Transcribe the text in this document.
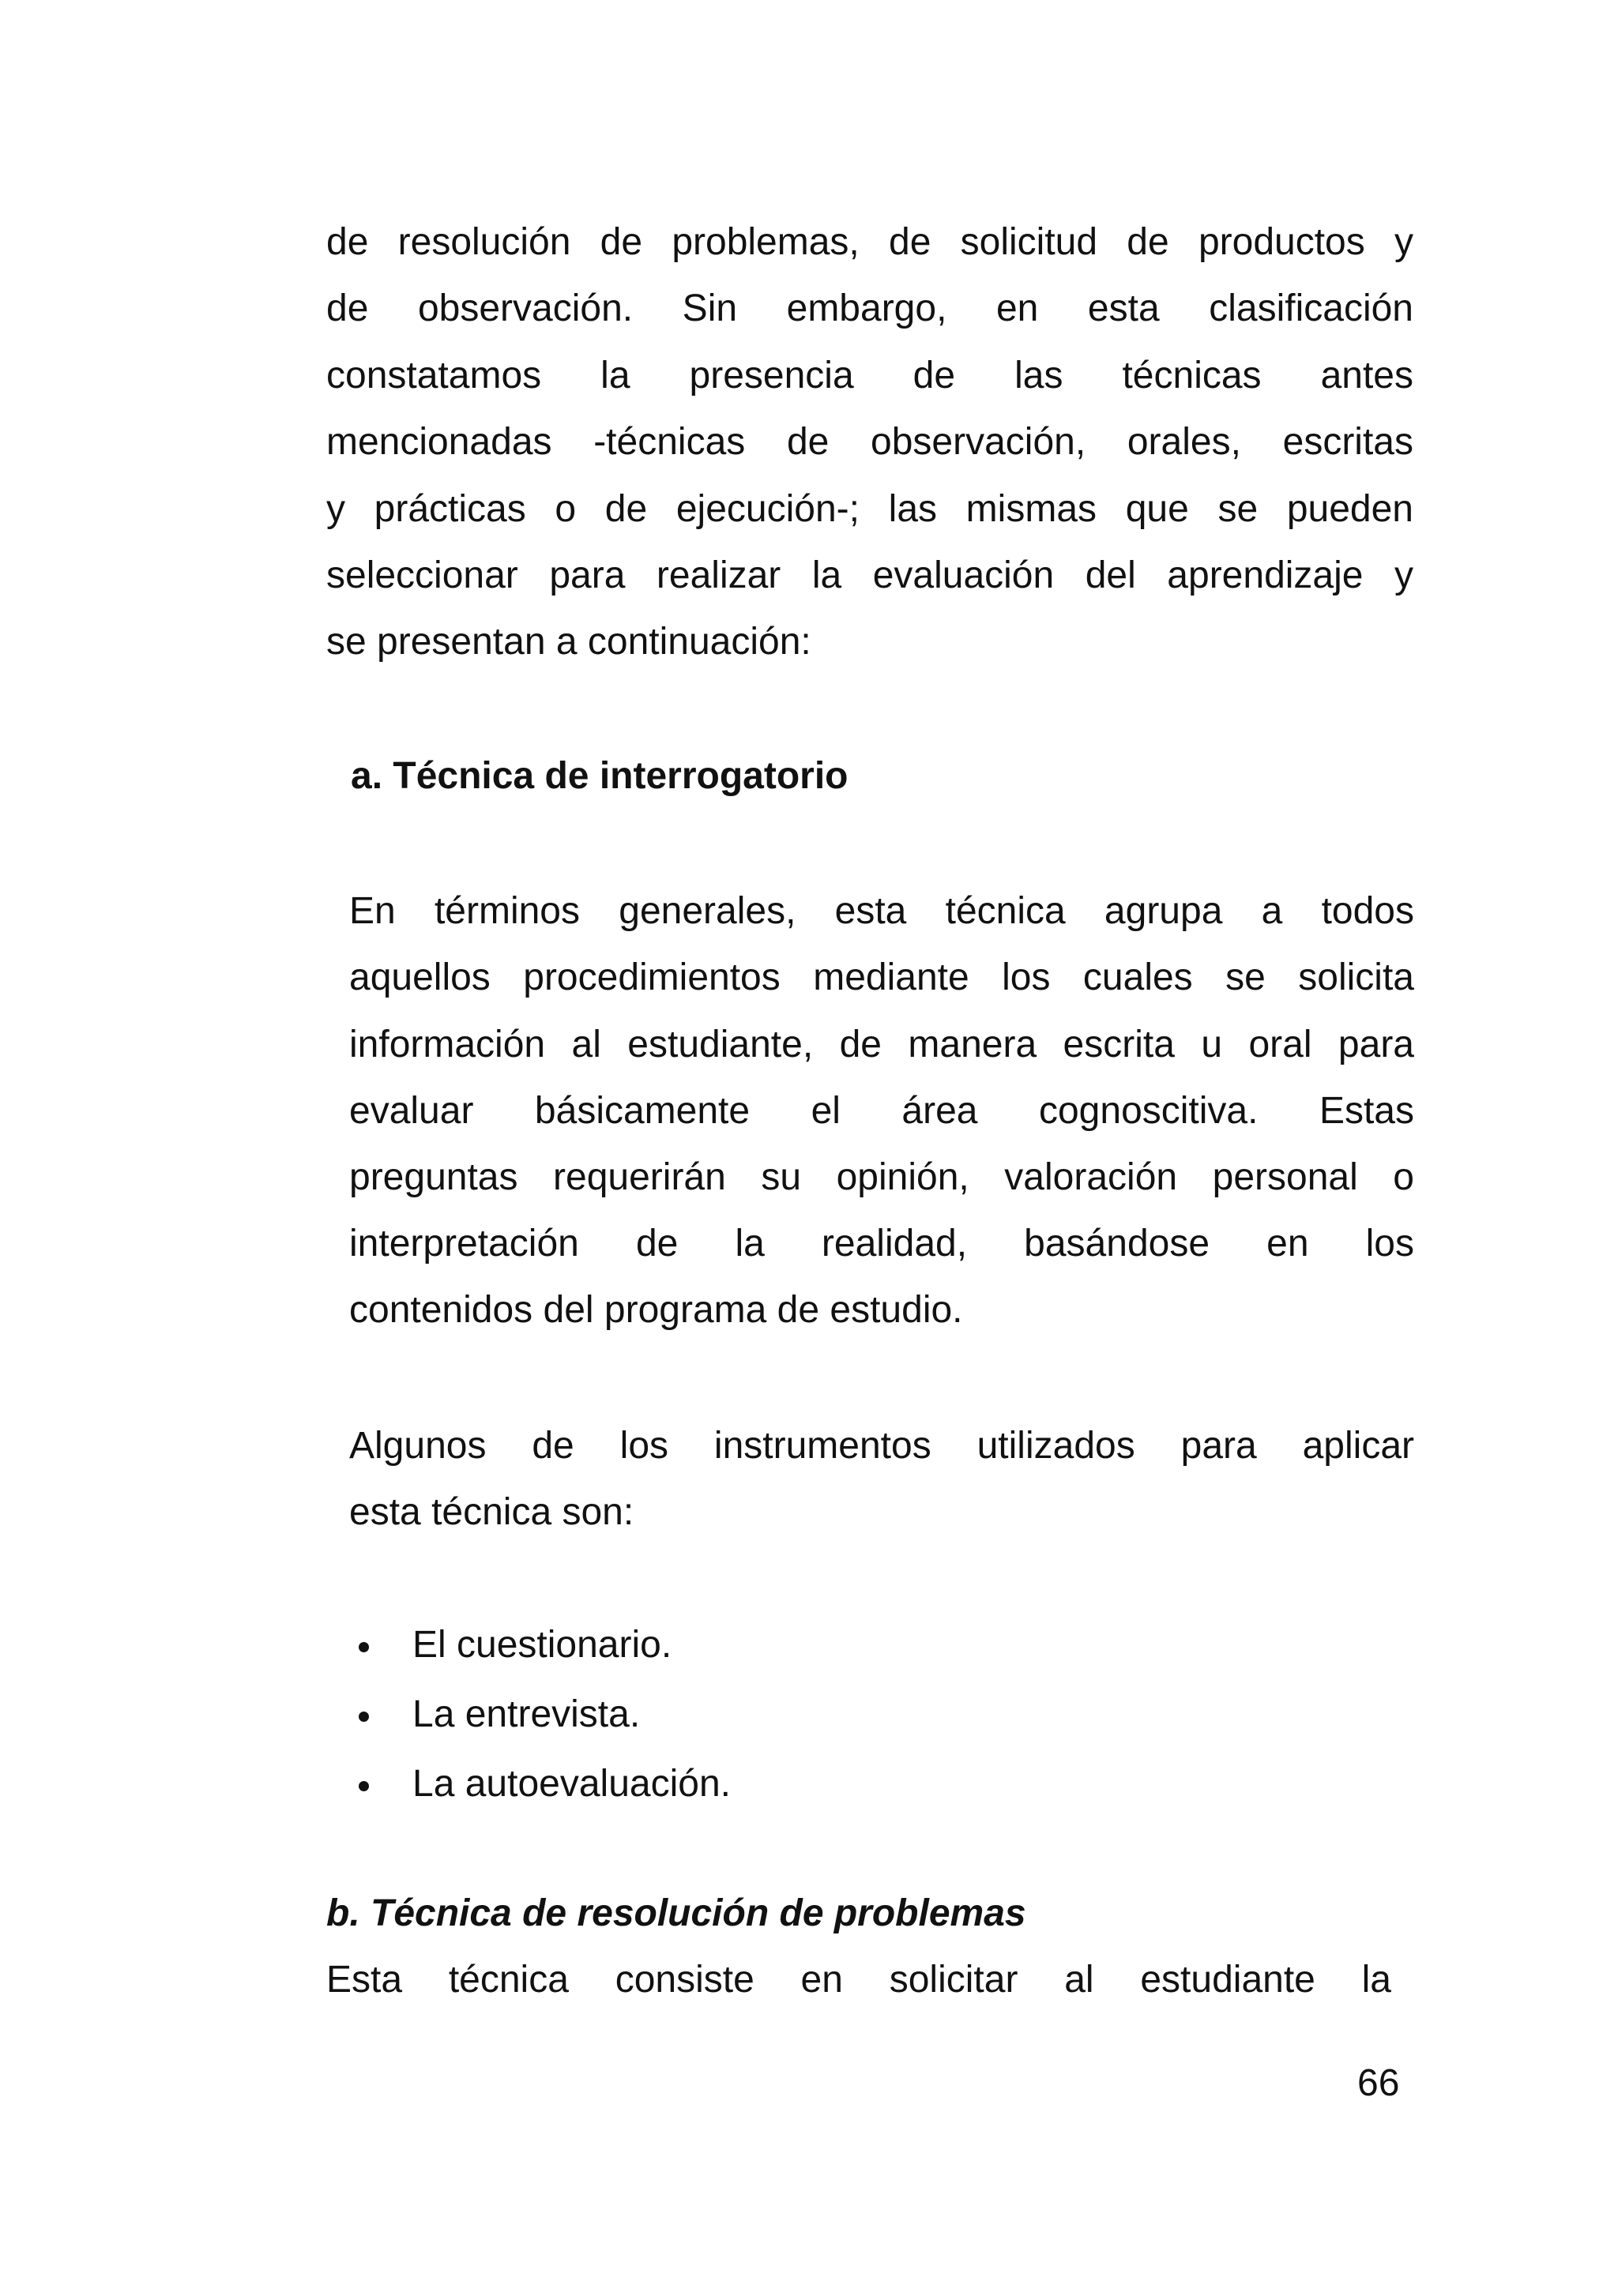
de resolución de problemas, de solicitud de productos y
de observación. Sin embargo, en esta clasificación
constatamos la presencia de las técnicas antes
mencionadas -técnicas de observación, orales, escritas
y prácticas o de ejecución-; las mismas que se pueden
seleccionar para realizar la evaluación del aprendizaje y
se presentan a continuación:
a. Técnica de interrogatorio
En términos generales, esta técnica agrupa a todos
aquellos procedimientos mediante los cuales se solicita
información al estudiante, de manera escrita u oral para
evaluar básicamente el área cognoscitiva. Estas
preguntas requerirán su opinión, valoración personal o
interpretación de la realidad, basándose en los
contenidos del programa de estudio.
Algunos de los instrumentos utilizados para aplicar
esta técnica son:
El cuestionario.
La entrevista.
La autoevaluación.
b. Técnica de resolución de problemas
Esta técnica consiste en solicitar al estudiante la
66
